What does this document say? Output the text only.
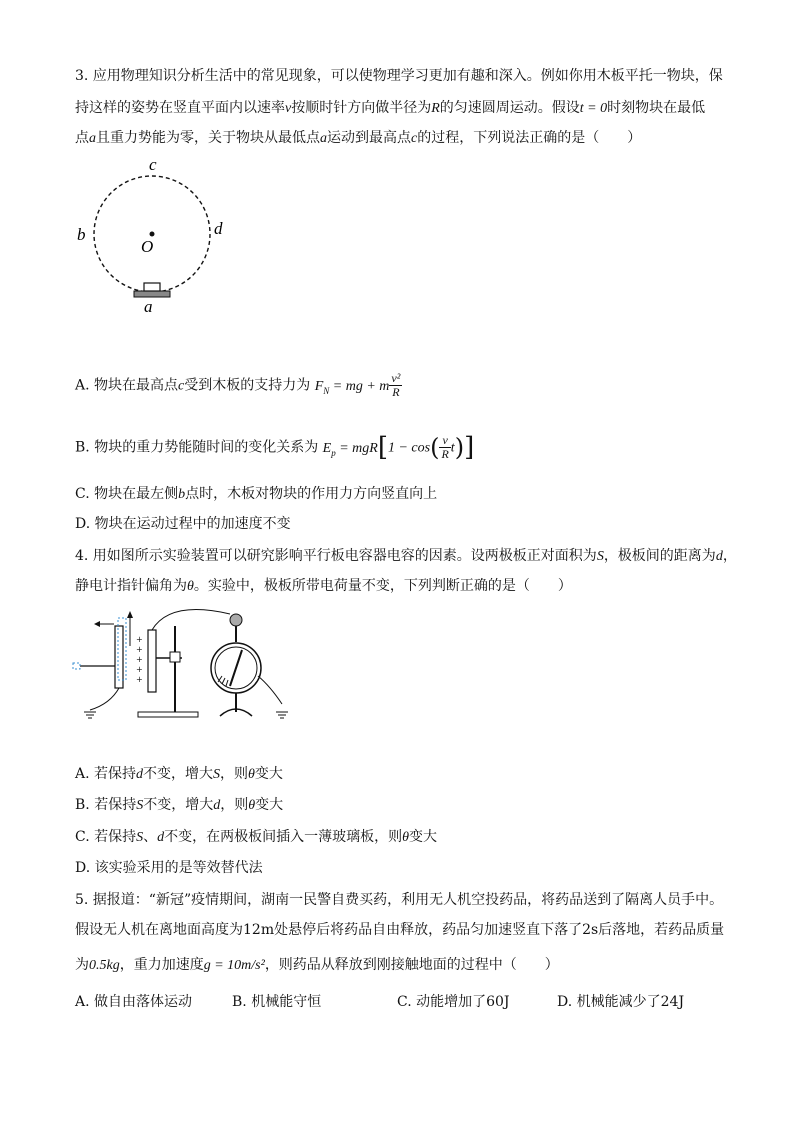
3. 应用物理知识分析生活中的常见现象，可以使物理学习更加有趣和深入。例如你用木板平托一物块，保
持这样的姿势在竖直平面内以速率v按顺时针方向做半径为R的匀速圆周运动。假设t = 0时刻物块在最低
点a且重力势能为零，关于物块从最低点a运动到最高点c的过程，下列说法正确的是（　　）
c
b	d
O
a
A. 物块在最高点c受到木板的支持力为 $F_N$ = mg + m $\frac{\text{v²}}{R}$
B. 物块的重力势能随时间的变化关系为 $E_p = mgR[1 - \cos( \frac{v}{R} t)]$
C. 物块在最左侧b点时，木板对物块的作用力方向竖直向上
D. 物块在运动过程中的加速度不变
4. 用如图所示实验装置可以研究影响平行板电容器电容的因素。设两极板正对面积为S，极板间的距离为d，
静电计指针偏角为θ。实验中，极板所带电荷量不变，下列判断正确的是（　　）
+
+
+
+
+
A. 若保持d不变，增大S，则θ变大
B. 若保持S不变，增大d，则θ变大
C. 若保持S、d不变，在两极板间插入一薄玻璃板，则θ变大
D. 该实验采用的是等效替代法
5. 据报道：“新冠”疫情期间，湖南一民警自费买药，利用无人机空投药品，将药品送到了隔离人员手中。
假设无人机在离地面高度为12m处悬停后将药品自由释放，药品匀加速竖直下落了2s后落地，若药品质量
为0.5kg，重力加速度g = 10m/s²，则药品从释放到刚接触地面的过程中（　　）
A. 做自由落体运动	B. 机械能守恒	C. 动能增加了60J	D. 机械能减少了24J
